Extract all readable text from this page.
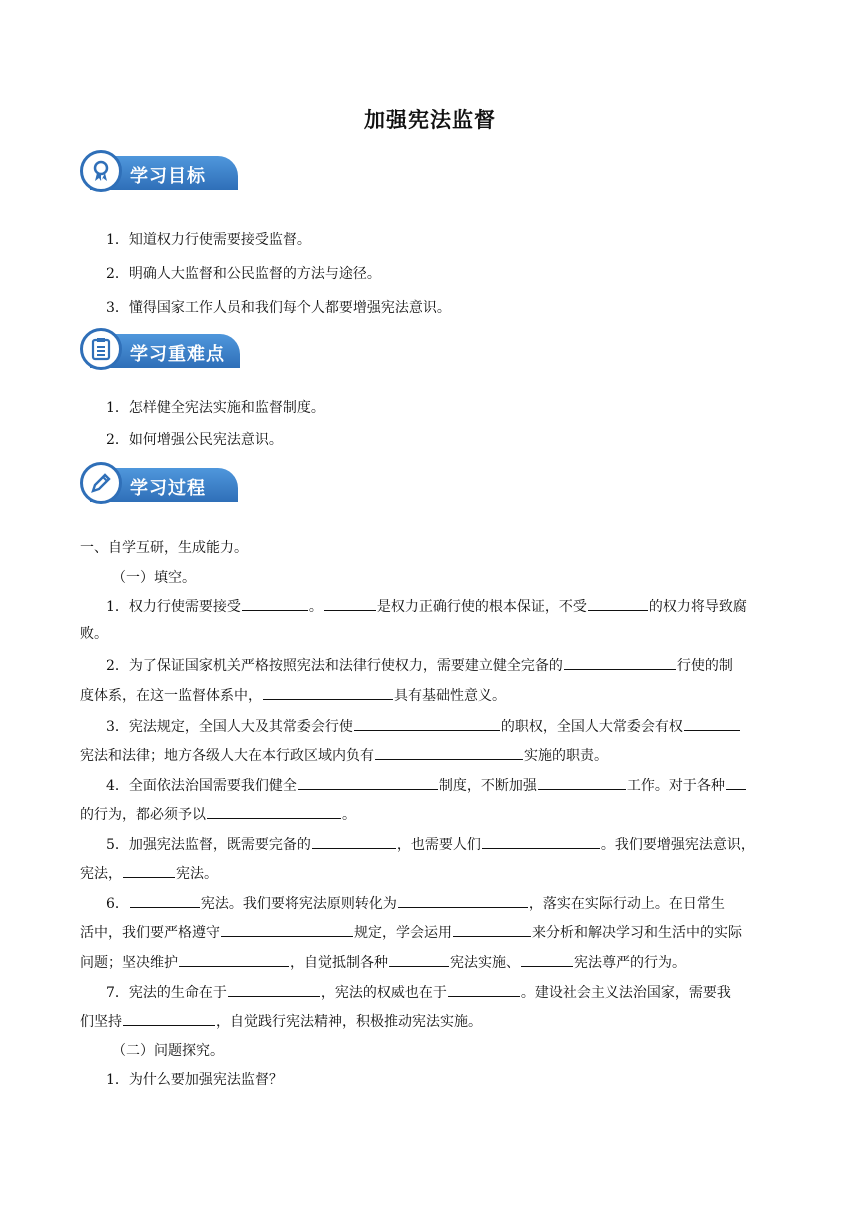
加强宪法监督
学习目标
1．知道权力行使需要接受监督。
2．明确人大监督和公民监督的方法与途径。
3．懂得国家工作人员和我们每个人都要增强宪法意识。
学习重难点
1．怎样健全宪法实施和监督制度。
2．如何增强公民宪法意识。
学习过程
一、自学互研，生成能力。
（一）填空。
1．权力行使需要接受	。	是权力正确行使的根本保证，不受	的权力将导致腐
败。
2．为了保证国家机关严格按照宪法和法律行使权力，需要建立健全完备的	行使的制
度体系，在这一监督体系中，	具有基础性意义。
3．宪法规定，全国人大及其常委会行使	的职权，全国人大常委会有权
宪法和法律；地方各级人大在本行政区域内负有	实施的职责。
4．全面依法治国需要我们健全	制度，不断加强	工作。对于各种
的行为，都必须予以	。
5．加强宪法监督，既需要完备的	，也需要人们	。我们要增强宪法意识，
宪法，	宪法。
6．	宪法。我们要将宪法原则转化为	，落实在实际行动上。在日常生
活中，我们要严格遵守	规定，学会运用	来分析和解决学习和生活中的实际
问题；坚决维护	，自觉抵制各种	宪法实施、	宪法尊严的行为。
7．宪法的生命在于	，宪法的权威也在于	。建设社会主义法治国家，需要我
们坚持	，自觉践行宪法精神，积极推动宪法实施。
（二）问题探究。
1．为什么要加强宪法监督？
